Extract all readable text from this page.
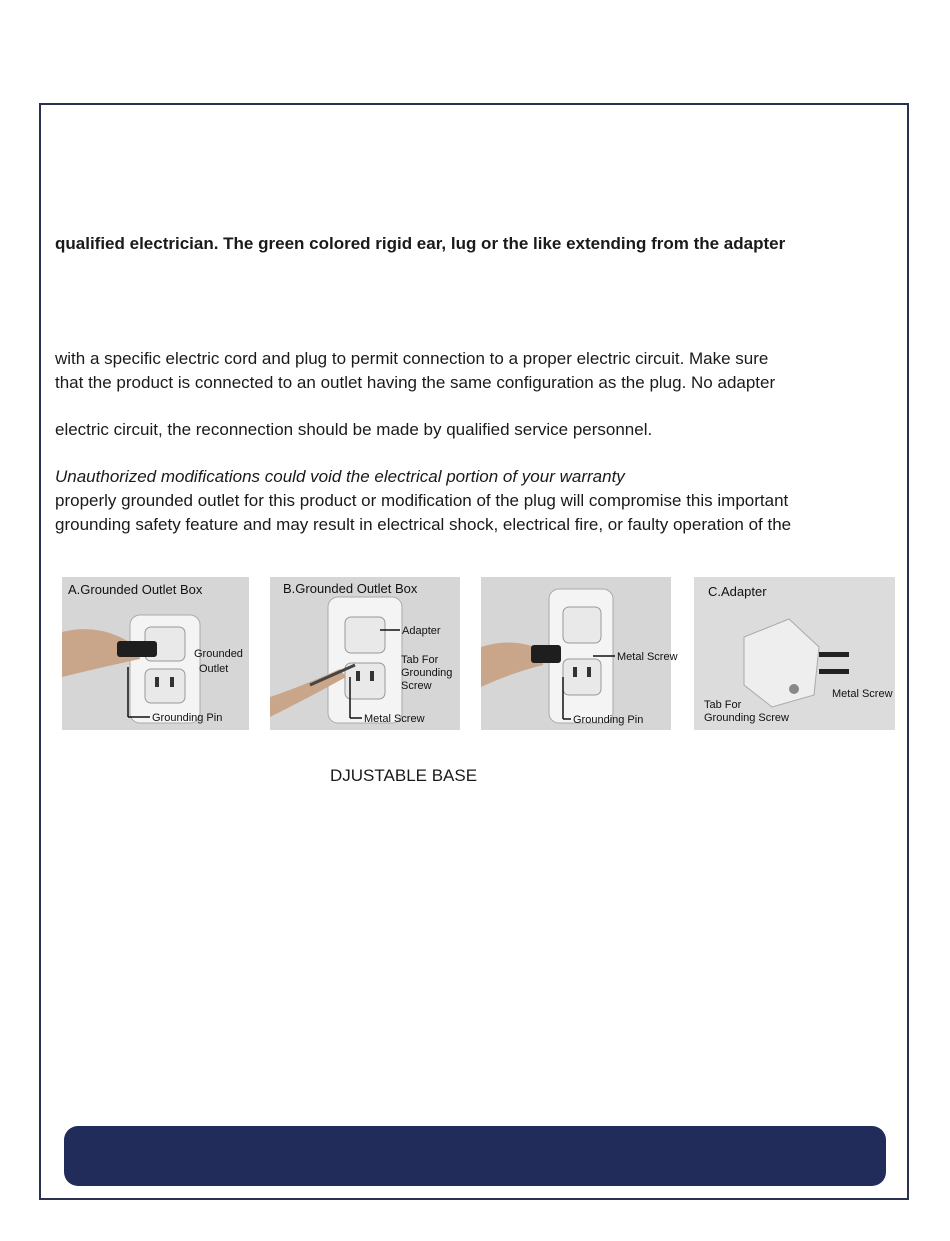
qualified electrician. The green colored rigid ear, lug or the like extending from the adapter
with a specific electric cord and plug to permit connection to a proper electric circuit. Make sure
that the product is connected to an outlet having the same configuration as the plug. No adapter
electric circuit, the reconnection should be made by qualified service personnel.
Unauthorized modifications could void the electrical portion of your warranty
properly grounded outlet for this product or modification of the plug will compromise this important
grounding safety feature and may result in electrical shock, electrical fire, or faulty operation of the
A.Grounded Outlet Box
Grounded
Outlet
Grounding Pin
B.Grounded Outlet Box
Adapter
Tab For
Grounding
Screw
Metal Screw
Metal Screw
Grounding Pin
C.Adapter
Metal Screw
Tab For
Grounding Screw
DJUSTABLE BASE
